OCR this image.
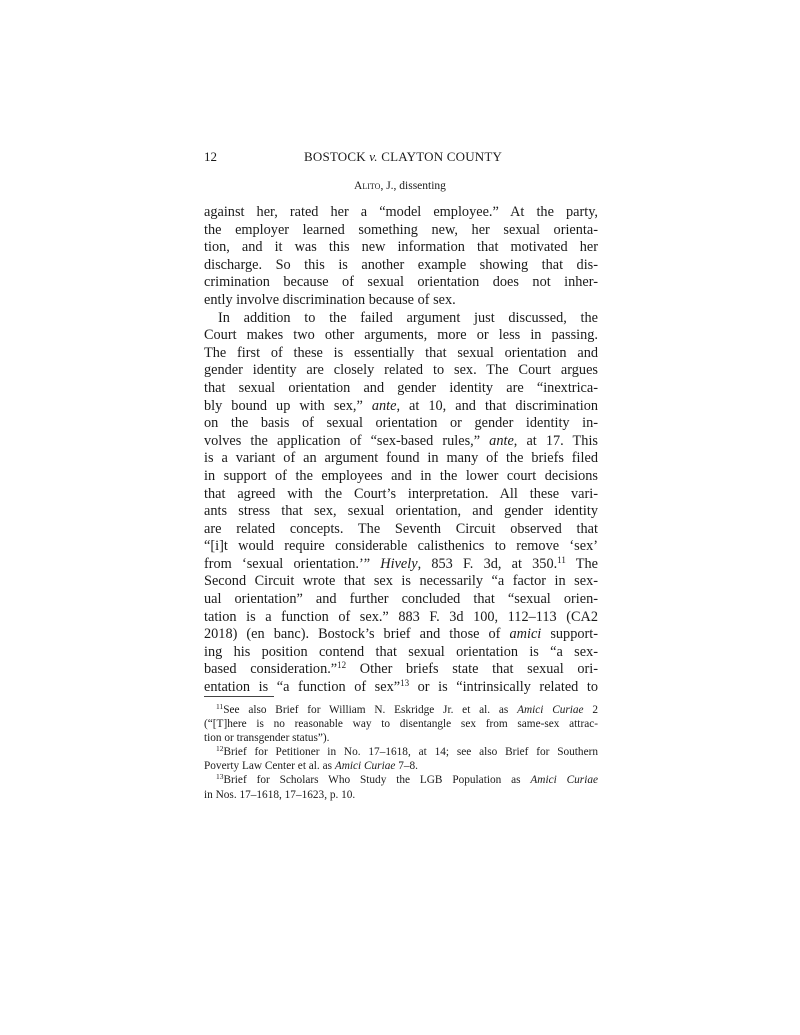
12	BOSTOCK v. CLAYTON COUNTY
Alito, J., dissenting
against her, rated her a “model employee.” At the party,
the employer learned something new, her sexual orienta-
tion, and it was this new information that motivated her
discharge. So this is another example showing that dis-
crimination because of sexual orientation does not inher-
ently involve discrimination because of sex.
In addition to the failed argument just discussed, the
Court makes two other arguments, more or less in passing.
The first of these is essentially that sexual orientation and
gender identity are closely related to sex. The Court argues
that sexual orientation and gender identity are “inextrica-
bly bound up with sex,” ante, at 10, and that discrimination
on the basis of sexual orientation or gender identity in-
volves the application of “sex-based rules,” ante, at 17. This
is a variant of an argument found in many of the briefs filed
in support of the employees and in the lower court decisions
that agreed with the Court’s interpretation. All these vari-
ants stress that sex, sexual orientation, and gender identity
are related concepts. The Seventh Circuit observed that
“[i]t would require considerable calisthenics to remove ‘sex’
from ‘sexual orientation.’” Hively, 853 F. 3d, at 350.11 The
Second Circuit wrote that sex is necessarily “a factor in sex-
ual orientation” and further concluded that “sexual orien-
tation is a function of sex.” 883 F. 3d 100, 112–113 (CA2
2018) (en banc). Bostock’s brief and those of amici support-
ing his position contend that sexual orientation is “a sex-
based consideration.”$^{12}$ Other briefs state that sexual ori-
entation is “a function of sex”$^{13}$ or is “intrinsically related to
$^{11}$See also Brief for William N. Eskridge Jr. et al. as Amici Curiae 2
(“[T]here is no reasonable way to disentangle sex from same-sex attrac-
tion or transgender status”).
$^{12}$Brief for Petitioner in No. 17–1618, at 14; see also Brief for Southern
Poverty Law Center et al. as Amici Curiae 7–8.
$^{13}$Brief for Scholars Who Study the LGB Population as Amici Curiae
in Nos. 17–1618, 17–1623, p. 10.
